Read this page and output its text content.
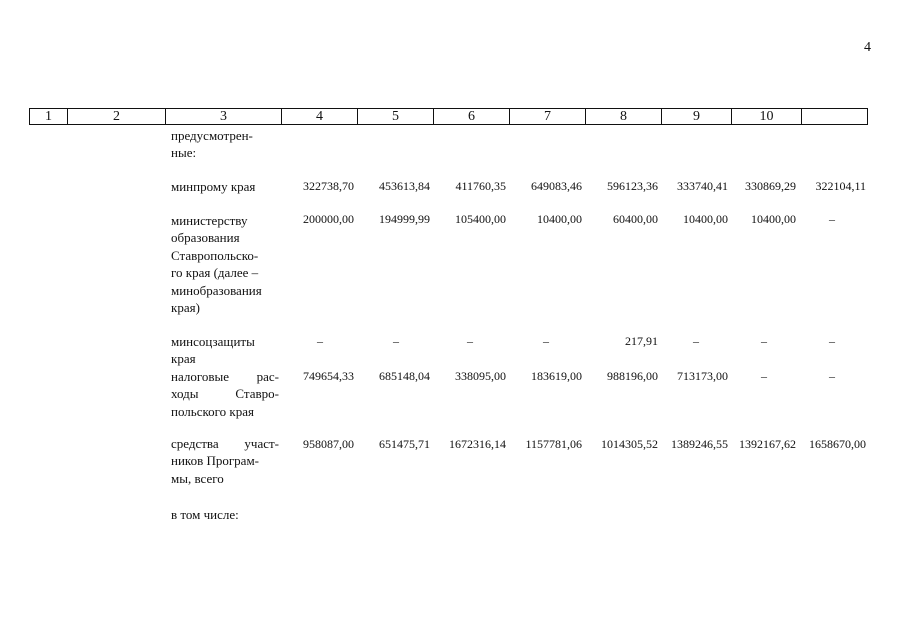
4
1	2	3	4	5	6	7	8	9	10	
предусмотрен-
ные:
минпрому края	322738,70	453613,84	411760,35	649083,46	596123,36	333740,41	330869,29	322104,11
министерству
образования
Ставропольско-
го края (далее –
минобразования
края)
200000,00	194999,99	105400,00	10400,00	60400,00	10400,00	10400,00	–
минсоцзащиты
края
–	–	–	–	217,91	–	–	–
налоговые рас-
ходы Ставро-
польского края
749654,33	685148,04	338095,00	183619,00	988196,00	713173,00	–	–
средства участ-
ников Програм-
мы, всего
958087,00	651475,71	1672316,14	1157781,06	1014305,52	1389246,55 1392167,62	1658670,00
в том числе:
